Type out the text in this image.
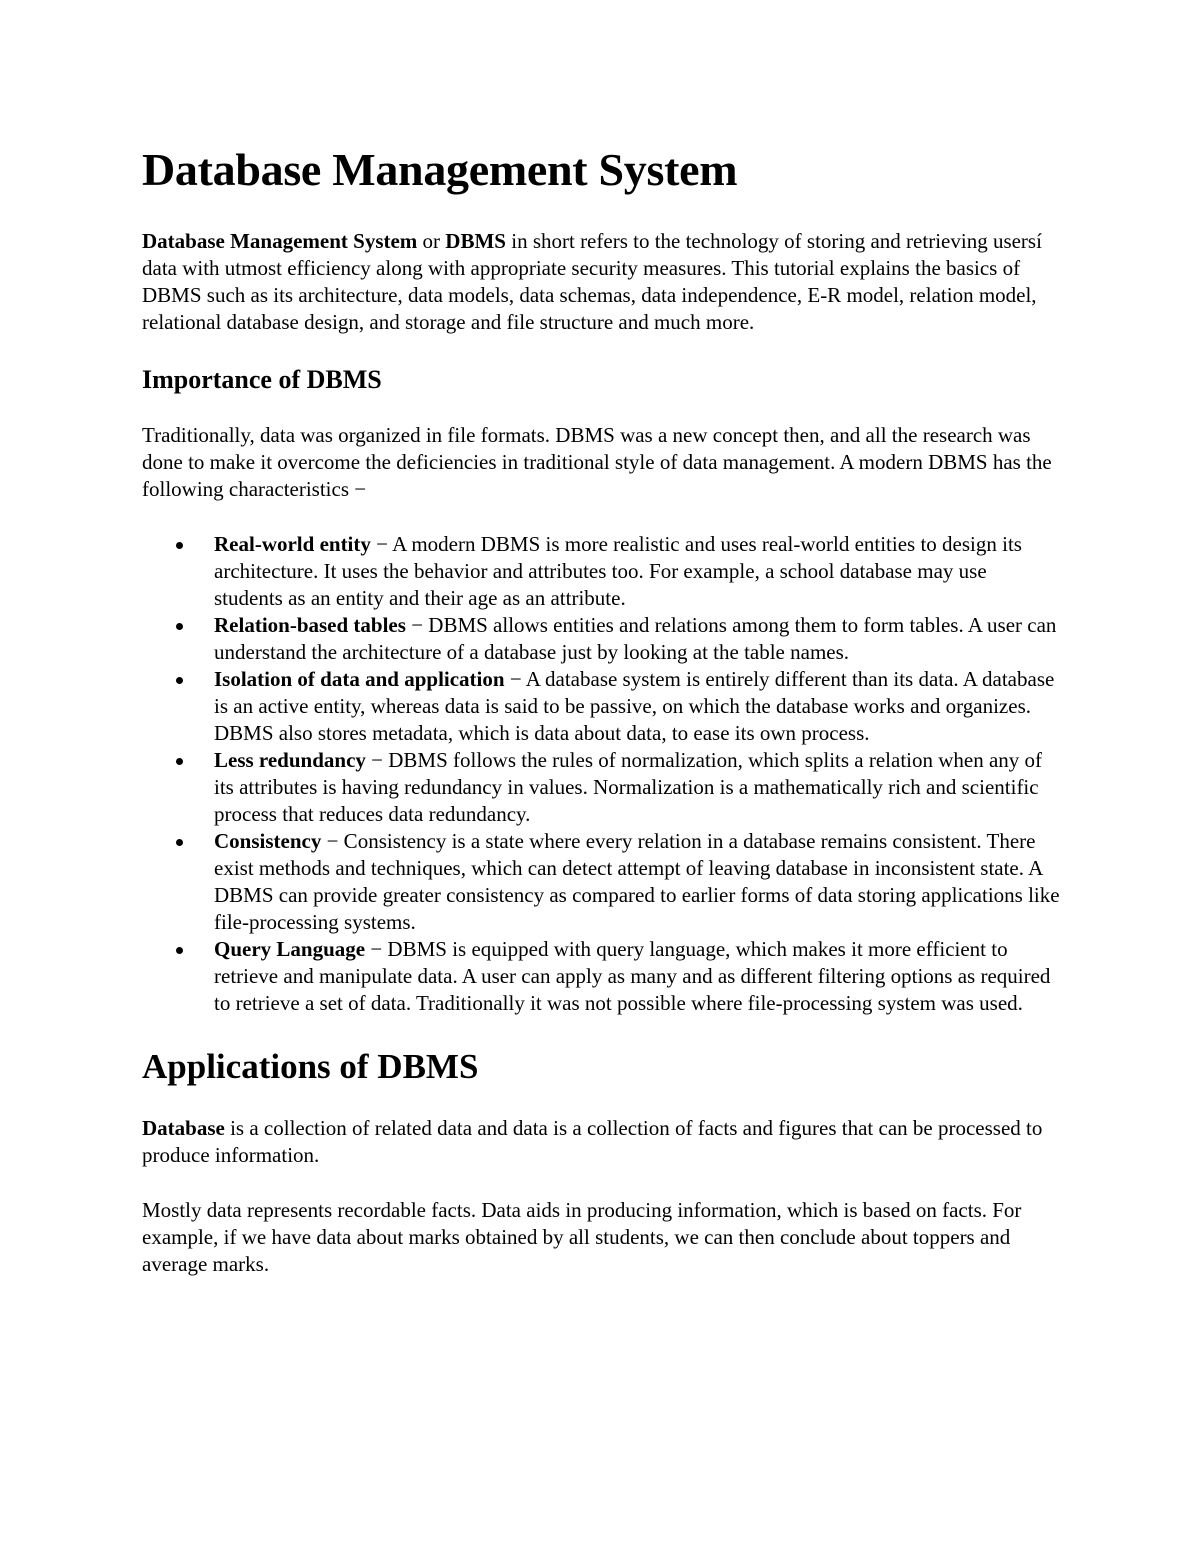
Database Management System

Database Management System or DBMS in short refers to the technology of storing and retrieving usersí data with utmost efficiency along with appropriate security measures. This tutorial explains the basics of DBMS such as its architecture, data models, data schemas, data independence, E-R model, relation model, relational database design, and storage and file structure and much more.

Importance of DBMS

Traditionally, data was organized in file formats. DBMS was a new concept then, and all the research was done to make it overcome the deficiencies in traditional style of data management. A modern DBMS has the following characteristics −

Real-world entity − A modern DBMS is more realistic and uses real-world entities to design its architecture. It uses the behavior and attributes too. For example, a school database may use students as an entity and their age as an attribute.
Relation-based tables − DBMS allows entities and relations among them to form tables. A user can understand the architecture of a database just by looking at the table names.
Isolation of data and application − A database system is entirely different than its data. A database is an active entity, whereas data is said to be passive, on which the database works and organizes. DBMS also stores metadata, which is data about data, to ease its own process.
Less redundancy − DBMS follows the rules of normalization, which splits a relation when any of its attributes is having redundancy in values. Normalization is a mathematically rich and scientific process that reduces data redundancy.
Consistency − Consistency is a state where every relation in a database remains consistent. There exist methods and techniques, which can detect attempt of leaving database in inconsistent state. A DBMS can provide greater consistency as compared to earlier forms of data storing applications like file-processing systems.
Query Language − DBMS is equipped with query language, which makes it more efficient to retrieve and manipulate data. A user can apply as many and as different filtering options as required to retrieve a set of data. Traditionally it was not possible where file-processing system was used.
Applications of DBMS

Database is a collection of related data and data is a collection of facts and figures that can be processed to produce information.

Mostly data represents recordable facts. Data aids in producing information, which is based on facts. For example, if we have data about marks obtained by all students, we can then conclude about toppers and average marks.
